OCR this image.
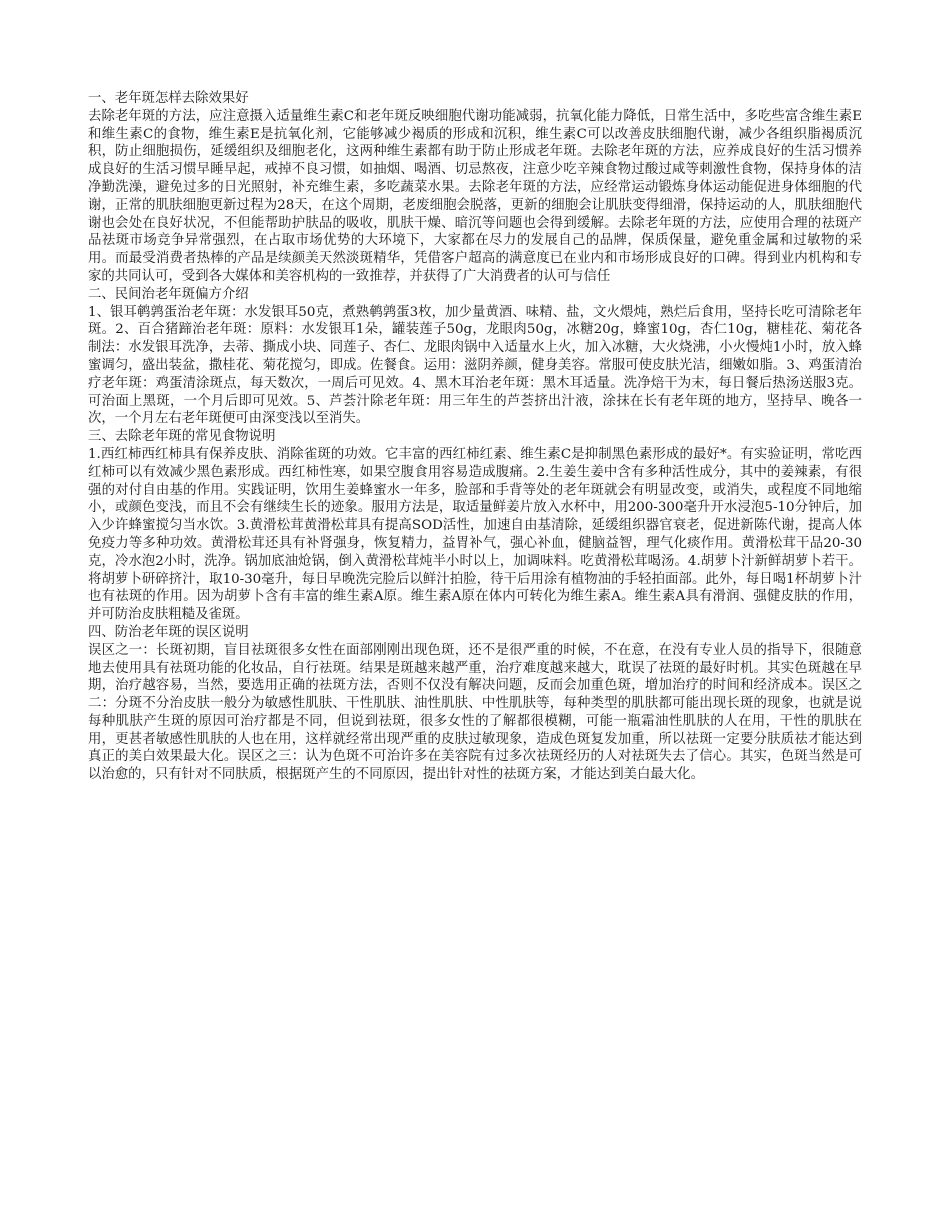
一、老年斑怎样去除效果好

去除老年斑的方法，应注意摄入适量维生素C和老年斑反映细胞代谢功能减弱，抗氧化能力降低，日常生活中，多吃些富含维生素E和维生素C的食物，维生素E是抗氧化剂，它能够减少褐质的形成和沉积，维生素C可以改善皮肤细胞代谢，减少各组织脂褐质沉积，防止细胞损伤，延缓组织及细胞老化，这两种维生素都有助于防止形成老年斑。去除老年斑的方法，应养成良好的生活习惯养成良好的生活习惯早睡早起，戒掉不良习惯，如抽烟、喝酒、切忌熬夜，注意少吃辛辣食物过酸过咸等刺激性食物，保持身体的洁净勤洗澡，避免过多的日光照射，补充维生素，多吃蔬菜水果。去除老年斑的方法，应经常运动锻炼身体运动能促进身体细胞的代谢，正常的肌肤细胞更新过程为28天，在这个周期，老废细胞会脱落，更新的细胞会让肌肤变得细滑，保持运动的人，肌肤细胞代谢也会处在良好状况，不但能帮助护肤品的吸收，肌肤干燥、暗沉等问题也会得到缓解。去除老年斑的方法，应使用合理的祛斑产品祛斑市场竞争异常强烈，在占取市场优势的大环境下，大家都在尽力的发展自己的品牌，保质保量，避免重金属和过敏物的采用。而最受消费者热棒的产品是续颜美天然淡斑精华，凭借客户超高的满意度已在业内和市场形成良好的口碑。得到业内机构和专家的共同认可，受到各大媒体和美容机构的一致推荐，并获得了广大消费者的认可与信任

二、民间治老年斑偏方介绍

1、银耳鹌鹑蛋治老年斑：水发银耳50克，煮熟鹌鹑蛋3枚，加少量黄酒、味精、盐，文火煨炖，熟烂后食用，坚持长吃可清除老年斑。2、百合猪蹄治老年斑：原料：水发银耳1朵，罐装莲子50g，龙眼肉50g，冰糖20g，蜂蜜10g，杏仁10g，糖桂花、菊花各制法：水发银耳洗净，去蒂、撕成小块、同莲子、杏仁、龙眼肉锅中入适量水上火，加入冰糖，大火烧沸，小火慢炖1小时，放入蜂蜜调匀，盛出装盆，撒桂花、菊花搅匀，即成。佐餐食。运用：滋阴养颜，健身美容。常服可使皮肤光洁，细嫩如脂。3、鸡蛋清治疗老年斑：鸡蛋清涂斑点，每天数次，一周后可见效。4、黑木耳治老年斑：黑木耳适量。洗净焙干为末，每日餐后热汤送服3克。可治面上黑斑，一个月后即可见效。5、芦荟汁除老年斑：用三年生的芦荟挤出汁液，涂抹在长有老年斑的地方，坚持早、晚各一次，一个月左右老年斑便可由深变浅以至消失。

三、去除老年斑的常见食物说明

1.西红柿西红柿具有保养皮肤、消除雀斑的功效。它丰富的西红柿红素、维生素C是抑制黑色素形成的最好*。有实验证明，常吃西红柿可以有效减少黑色素形成。西红柿性寒，如果空腹食用容易造成腹痛。2.生姜生姜中含有多种活性成分，其中的姜辣素，有很强的对付自由基的作用。实践证明，饮用生姜蜂蜜水一年多，脸部和手背等处的老年斑就会有明显改变，或消失，或程度不同地缩小，或颜色变浅，而且不会有继续生长的迹象。服用方法是，取适量鲜姜片放入水杯中，用200-300毫升开水浸泡5-10分钟后，加入少许蜂蜜搅匀当水饮。3.黄滑松茸黄滑松茸具有提高SOD活性，加速自由基清除，延缓组织器官衰老，促进新陈代谢，提高人体免疫力等多种功效。黄滑松茸还具有补肾强身，恢复精力，益胃补气，强心补血，健脑益智，理气化痰作用。黄滑松茸干品20-30克，冷水泡2小时，洗净。锅加底油炝锅，倒入黄滑松茸炖半小时以上，加调味料。吃黄滑松茸喝汤。4.胡萝卜汁新鲜胡萝卜若干。将胡萝卜研碎挤汁，取10-30毫升，每日早晚洗完脸后以鲜汁拍脸，待干后用涂有植物油的手轻拍面部。此外，每日喝1杯胡萝卜汁也有祛斑的作用。因为胡萝卜含有丰富的维生素A原。维生素A原在体内可转化为维生素A。维生素A具有滑润、强健皮肤的作用，并可防治皮肤粗糙及雀斑。

四、防治老年斑的误区说明

误区之一：长斑初期，盲目祛斑很多女性在面部刚刚出现色斑，还不是很严重的时候，不在意，在没有专业人员的指导下，很随意地去使用具有祛斑功能的化妆品，自行祛斑。结果是斑越来越严重，治疗难度越来越大，耽误了祛斑的最好时机。其实色斑越在早期，治疗越容易，当然，要选用正确的祛斑方法，否则不仅没有解决问题，反而会加重色斑，增加治疗的时间和经济成本。误区之二：分斑不分治皮肤一般分为敏感性肌肤、干性肌肤、油性肌肤、中性肌肤等，每种类型的肌肤都可能出现长斑的现象，也就是说每种肌肤产生斑的原因可治疗都是不同，但说到祛斑，很多女性的了解都很模糊，可能一瓶霜油性肌肤的人在用，干性的肌肤在用，更甚者敏感性肌肤的人也在用，这样就经常出现严重的皮肤过敏现象，造成色斑复发加重，所以祛斑一定要分肤质祛才能达到真正的美白效果最大化。误区之三：认为色斑不可治许多在美容院有过多次祛斑经历的人对祛斑失去了信心。其实，色斑当然是可以治愈的，只有针对不同肤质，根据斑产生的不同原因，提出针对性的祛斑方案，才能达到美白最大化。
